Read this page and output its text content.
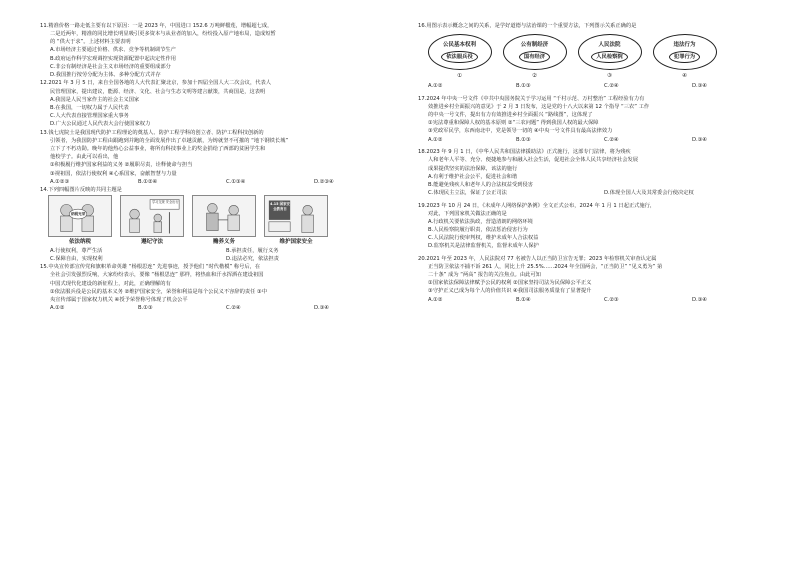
11.精准价格一路走低主要有以下原因：一是 2023 年，中国进口 152.6 万吨鲜榴莲，增幅超七成，
二是近两年，精准的同比增长明显吸引更多资本与从业者的加入，纷纷投入原产地布局，造成短暂
的 “供大于求”。上述材料主要表明
A.市场经济主要通过价格、供求、竞争等机制调节生产
B.政府运作科学宏观调控实现资源配置中起决定性作用
C.非公有制经济是社会主义市场经济的重要组成部分
D.我国推行按劳分配为主体、多种分配方式并存
12.2021 年 3 月 5 日，来自全国各地的人大代表汇聚北京，参加十四届全国人大二次会议，代表人
民管理国家，提出建议，能源、经济、文化、社会与生态文明等建言献策，共商国是，这表明
A.我国是人民当家作主的社会主义国家
B.在我国，一切权力属于人民代表
C.人大代表直接管理国家重大事务
D.广大公民通过人民代表大会行使国家权力
13.钱七虎院士是我国现代防护工程理论的奠基人、防护工程学科的创立者、防护工程科技创新的
引领者，为我国防护工程由跟跑到并跑的全面发展作出了卓越贡献，为铸就坚不可摧的 “地下钢铁长城”
立下了不朽功勋。晚年的他热心公益事业，将所有科技事业上的奖金捐给了西部的贫困学生和
他校学子。由此可以看出，他
①积极履行维护国家利益的义务 ②履职尽责，诠释使命与担当
③视祖国，依法行使权利 ④心系国家，奋献智慧与力量
A.①②③	B.①②④	C.①③④	D.②③④
14.下列四幅图片反映的共同主题是
纳税光荣
依法纳税
学习交规 安全出行
遵纪守法	赡养义务
4.15 国家安全教育日
维护国家安全
A.行使权利，尊严生活	B.承担责任，履行义务
C.保障自由，实现权利	D.违法必究，依法担责
15.中央宣传部宣传党和旗帜革命英雄 “杨根思连” 先进事迹，授予他们 “时代楷模” 称号后，在
全社会引发强烈反响，大家纷纷表示，要像 “杨根思连” 那样，将热血和汗水挥洒在建设祖国
中国式现代化建设的新征程上，对此，正确理解的有
①依法服兵役是公民的基本义务 ②维护国家安全，荣誉和利益是每个公民义不容辞的责任 ③中
央宣传部属于国家权力机关 ④授予荣誉称号体现了机会公平
A.①②	B.①③	C.②④	D.③④
16.用图示表示概念之间的关系，是学好道德与法治课的一个重要方法，下列图示关系正确的是
公民基本权利
依法服兵役
①
公有制经济
国有经济
②
人民法院
人民检察院
③
违法行为
犯罪行为
④
A.①②	B.①③	C.②④	D.③④
17.2024 年中央一号文件《中共中央国务院关于学习运用 “千村示范、万村整治” 工程经验有力有
效推进乡村全面振兴的意见》于 2 月 3 日发布，这是党的十八大以来第 12 个指导 “三农” 工作
的中央一号文件，提出有力有效推进乡村全面振兴 “路线图”，这体现了
①宪法尊重和保障人权的基本原则 ②“三农问题” 得到我国人权的最大保障
③党政军民学，东西南北中，党是领导一切的 ④中央一号文件具有最高法律效力
A.①②	B.①③	C.②④	D.③④
18.2023 年 9 月 1 日，《中华人民共和国法律援助法》正式施行，这部专门法律，将为残疾
人和老年人平等、充分、便捷地参与和融入社会生活，促进社会全体人民共享经济社会发展
成果提供坚实的法治保障，该法的施行
A.有利于维护社会公平，促进社会和谐
B.能避免残疾人和老年人的合法权益受到侵害
C.体现民主立法，保证了公正司法	D.体现全国人大及其常委会行使决定权
19.2023 年 10 月 24 日，《未成年人网络保护条例》全文正式公布，2024 年 1 月 1 日起正式施行，
对此，下列国家机关做法正确的是
A.行政机关要依法执政，营造清朗的网络环境
B.人民检察院履行职责，依法惩治侵害行为
C.人民法院行使审判权，维护未成年人合法权益
D.监察机关是法律监督机关，监督未成年人保护
20.2021 年至 2023 年，人民法院对 77 名被告人以正当防卫宣告无罪；2023 年检察机关审查认定属
正当防卫依法不捕不诉 261 人，同比上升 25.5%……2024 年全国两会，“正当防卫” “见义勇为” 第
二十条” 成为 “两高” 报告的关注焦点。由此可知
①国家依法保障法律赋予公民的权利 ②国家坚持司法为民保障公平正义
③守护正义已成为每个人的价值共识 ④我国司法服务质量有了显著提升
A.①②	B.①④	C.②③	D.③④
